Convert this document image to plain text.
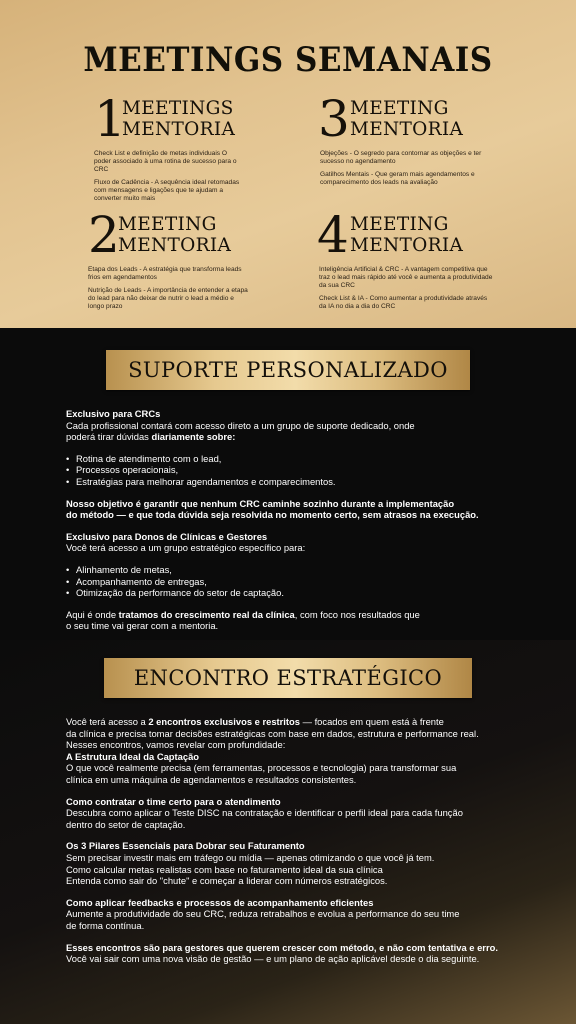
MEETINGS SEMANAIS
1
MEETINGS
MENTORIA

Check List e definição de metas individuais O poder associado à uma rotina de sucesso para o CRC

Fluxo de Cadência - A sequência ideal retomadas com mensagens e ligações que te ajudam a converter muito mais

3 MEETING
MENTORIA

Objeções - O segredo para contornar as objeções e ter sucesso no agendamento

Gatilhos Mentais - Que geram mais agendamentos e comparecimento dos leads na avaliação

2
MEETING
MENTORIA

Etapa dos Leads - A estratégia que transforma leads frios em agendamentos

Nutrição de Leads - A importância de entender a etapa do lead para não deixar de nutrir o lead a médio e longo prazo

4 MEETING
MENTORIA

Inteligência Artificial & CRC - A vantagem competitiva que traz o lead mais rápido até você e aumenta a produtividade da sua CRC

Check List & IA - Como aumentar a produtividade através da IA no dia a dia do CRC

SUPORTE PERSONALIZADO
Exclusivo para CRCs
Cada profissional contará com acesso direto a um grupo de suporte dedicado, onde
poderá tirar dúvidas diariamente sobre:
• Rotina de atendimento com o lead,
• Processos operacionais,
• Estratégias para melhorar agendamentos e comparecimentos.
Nosso objetivo é garantir que nenhum CRC caminhe sozinho durante a implementação
do método — e que toda dúvida seja resolvida no momento certo, sem atrasos na execução.
Exclusivo para Donos de Clínicas e Gestores
Você terá acesso a um grupo estratégico específico para:
• Alinhamento de metas,
• Acompanhamento de entregas,
• Otimização da performance do setor de captação.
Aqui é onde tratamos do crescimento real da clínica, com foco nos resultados que
o seu time vai gerar com a mentoria.
ENCONTRO ESTRATÉGICO
Você terá acesso a 2 encontros exclusivos e restritos — focados em quem está à frente
da clínica e precisa tomar decisões estratégicas com base em dados, estrutura e performance real.
Nesses encontros, vamos revelar com profundidade:
A Estrutura Ideal da Captação
O que você realmente precisa (em ferramentas, processos e tecnologia) para transformar sua
clínica em uma máquina de agendamentos e resultados consistentes.
Como contratar o time certo para o atendimento
Descubra como aplicar o Teste DISC na contratação e identificar o perfil ideal para cada função
dentro do setor de captação.
Os 3 Pilares Essenciais para Dobrar seu Faturamento
Sem precisar investir mais em tráfego ou mídia — apenas otimizando o que você já tem.
Como calcular metas realistas com base no faturamento ideal da sua clínica
Entenda como sair do "chute" e começar a liderar com números estratégicos.
Como aplicar feedbacks e processos de acompanhamento eficientes
Aumente a produtividade do seu CRC, reduza retrabalhos e evolua a performance do seu time
de forma contínua.
Esses encontros são para gestores que querem crescer com método, e não com tentativa e erro.
Você vai sair com uma nova visão de gestão — e um plano de ação aplicável desde o dia seguinte.
